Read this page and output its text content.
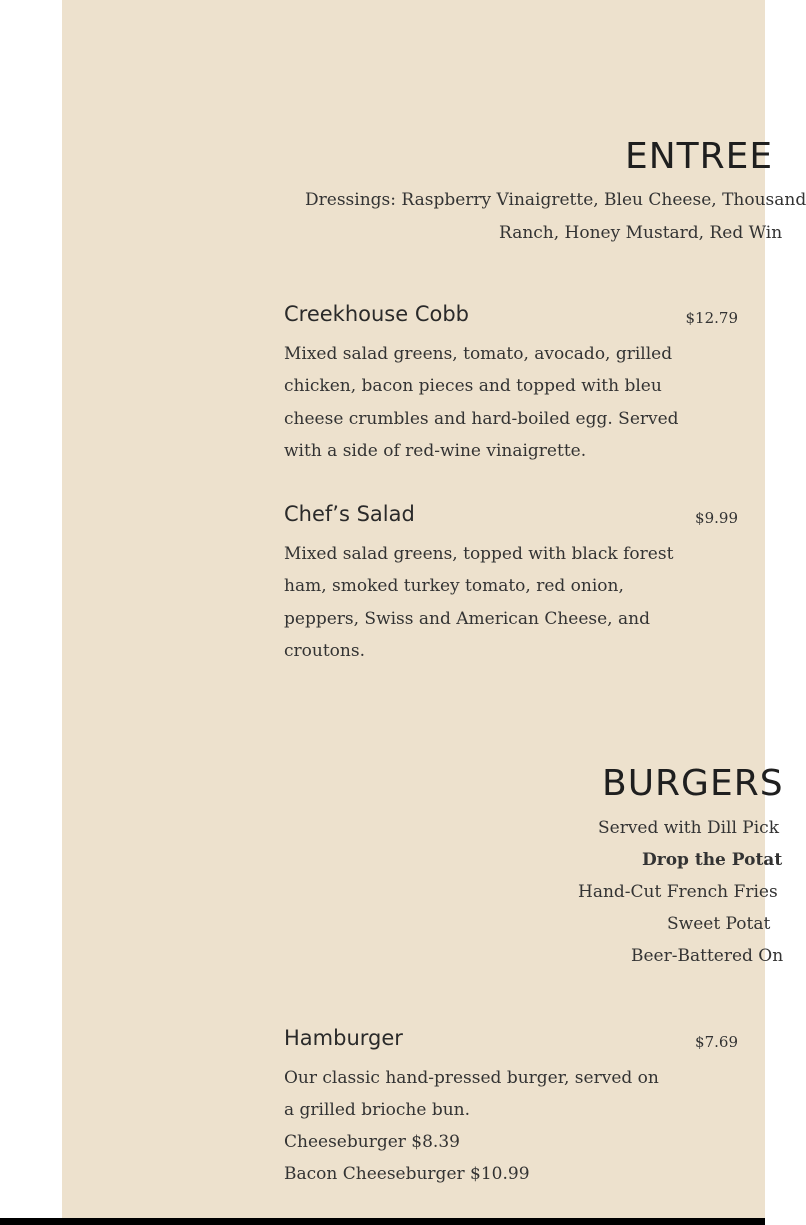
ENTREE
Dressings: Raspberry Vinaigrette, Bleu Cheese, Thousand
Ranch, Honey Mustard, Red Win
Creekhouse Cobb	$12.79
Mixed salad greens, tomato, avocado, grilled chicken, bacon pieces and topped with bleu cheese crumbles and hard-boiled egg. Served with a side of red-wine vinaigrette.
Chef’s Salad	$9.99
Mixed salad greens, topped with black forest ham, smoked turkey tomato, red onion, peppers, Swiss and American Cheese, and croutons.
BURGERS
Served with Dill Pick
Drop the Potat
Hand-Cut French Fries
Sweet Potat
Beer-Battered On
Hamburger	$7.69
Our classic hand-pressed burger, served on a grilled brioche bun.
Cheeseburger $8.39
Bacon Cheeseburger $10.99
